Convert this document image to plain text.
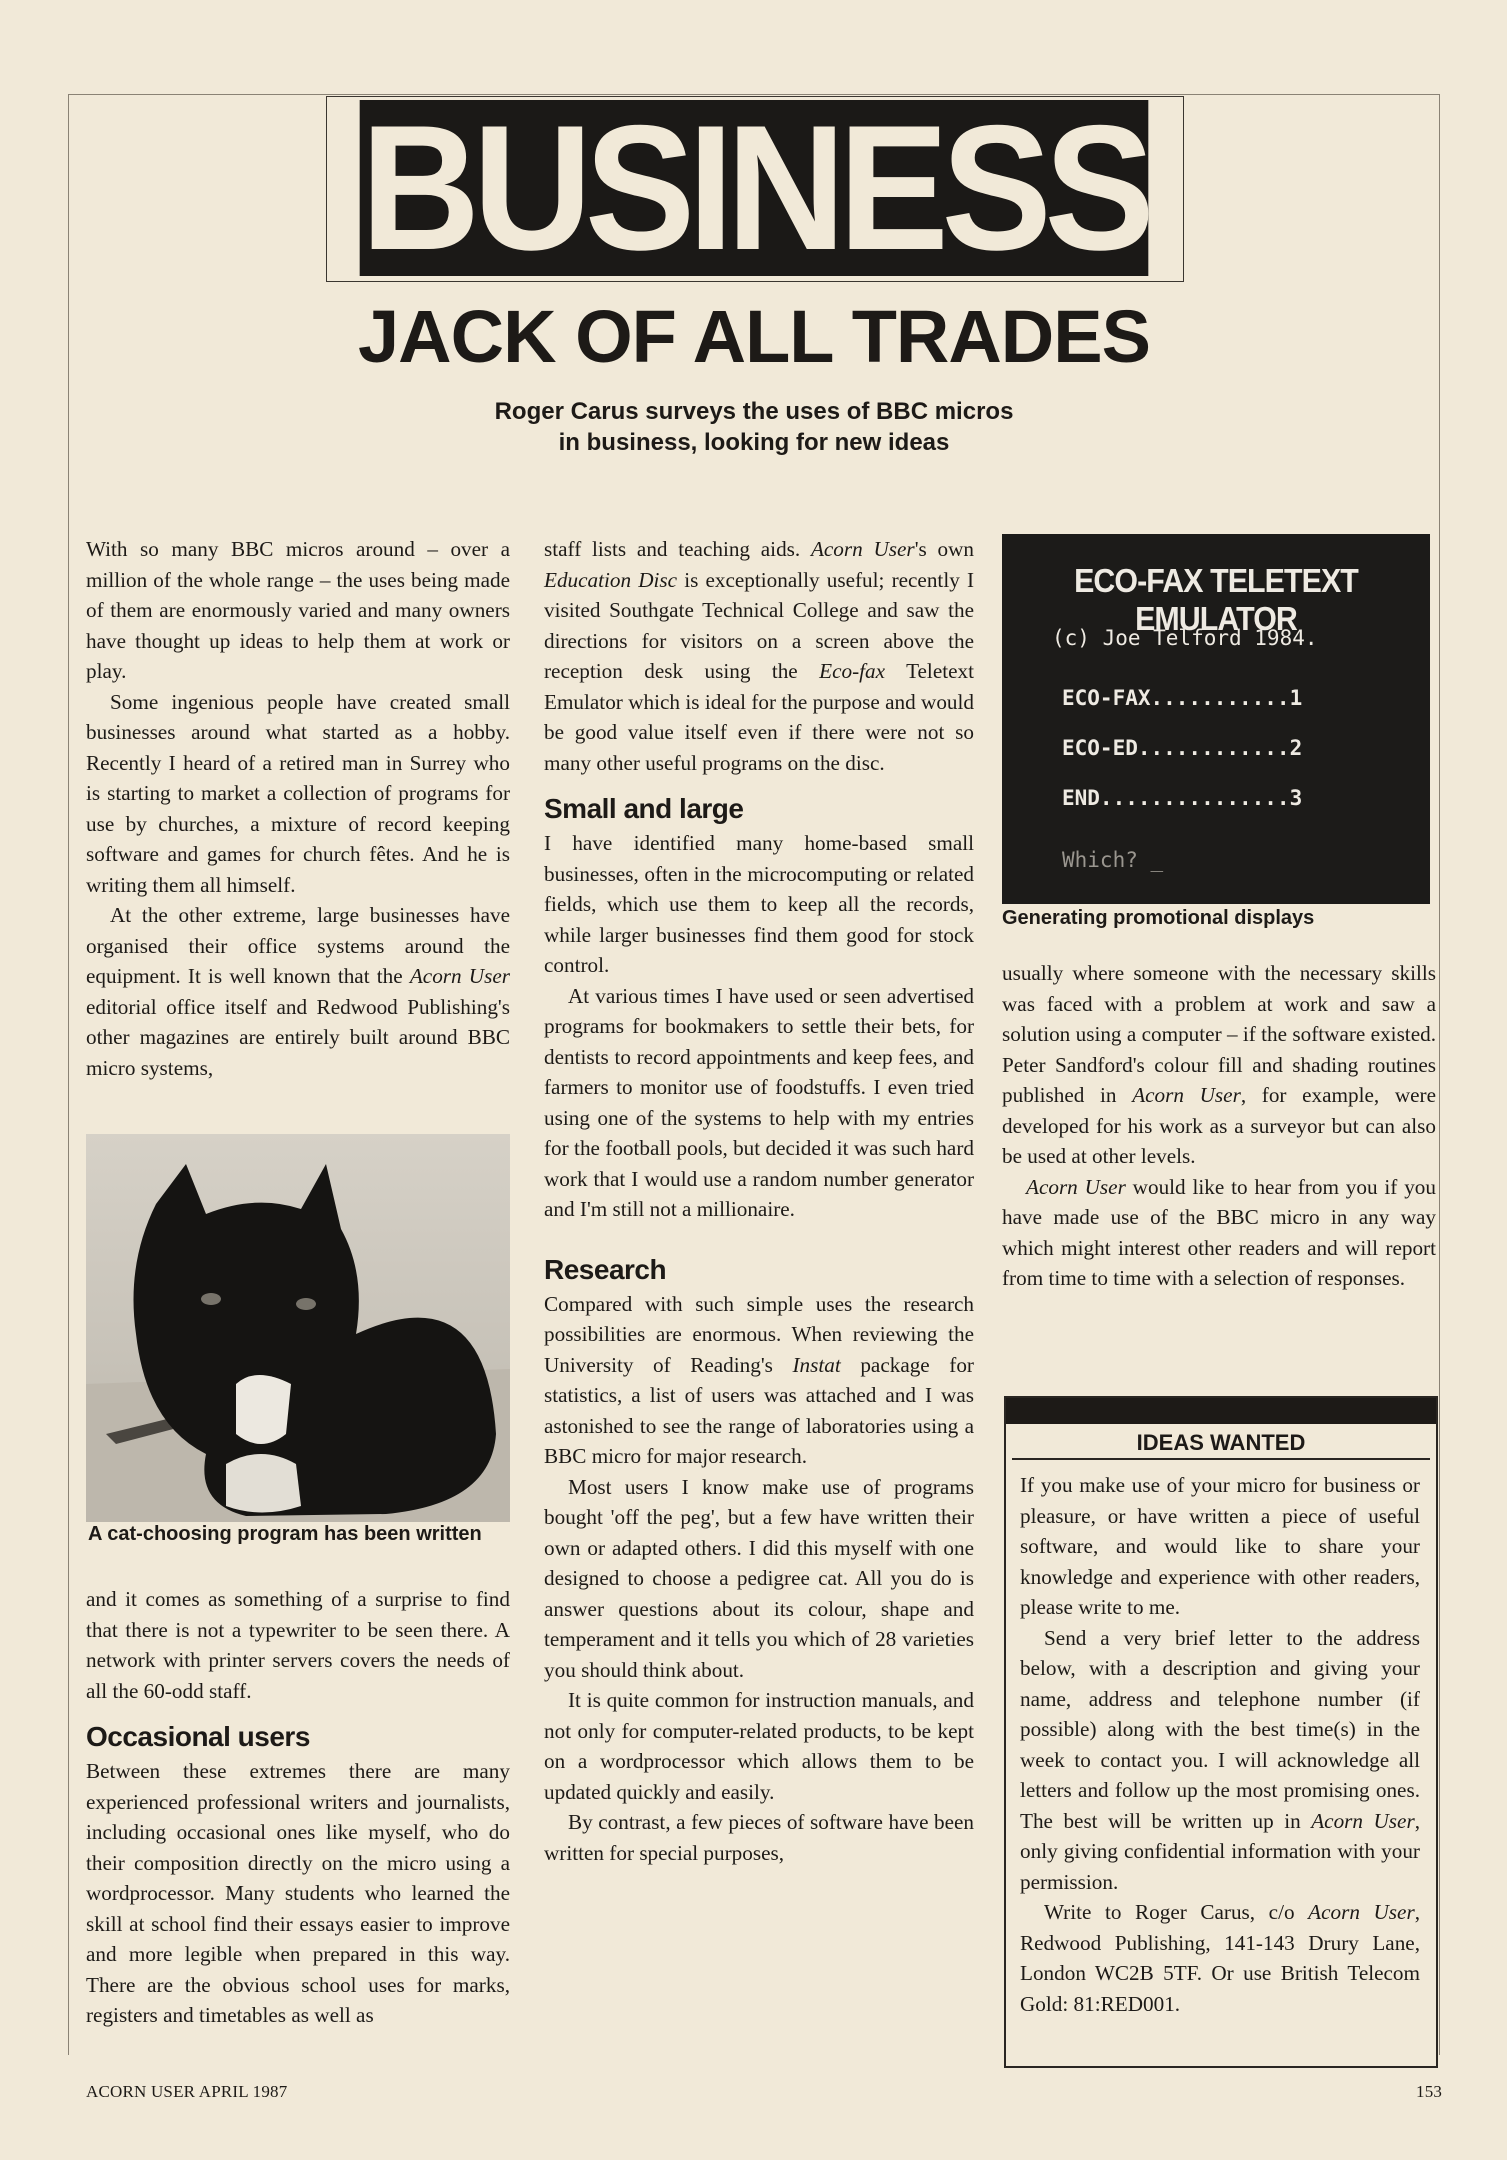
BUSINESS
JACK OF ALL TRADES
Roger Carus surveys the uses of BBC micros
in business, looking for new ideas

With so many BBC micros around – over a million of the whole range – the uses being made of them are enormously varied and many owners have thought up ideas to help them at work or play.

Some ingenious people have created small businesses around what started as a hobby. Recently I heard of a retired man in Surrey who is starting to market a collection of programs for use by churches, a mixture of record keeping software and games for church fêtes. And he is writing them all himself.

At the other extreme, large businesses have organised their office systems around the equipment. It is well known that the Acorn User editorial office itself and Redwood Publishing's other magazines are entirely built around BBC micro systems,

A cat-choosing program has been written

and it comes as something of a surprise to find that there is not a typewriter to be seen there. A network with printer servers covers the needs of all the 60-odd staff.

Occasional users

Between these extremes there are many experienced professional writers and journalists, including occasional ones like myself, who do their composition directly on the micro using a wordprocessor. Many students who learned the skill at school find their essays easier to improve and more legible when prepared in this way. There are the obvious school uses for marks, registers and timetables as well as

staff lists and teaching aids. Acorn User's own Education Disc is exceptionally useful; recently I visited Southgate Technical College and saw the directions for visitors on a screen above the reception desk using the Eco-fax Teletext Emulator which is ideal for the purpose and would be good value itself even if there were not so many other useful programs on the disc.

Small and large

I have identified many home-based small businesses, often in the microcomputing or related fields, which use them to keep all the records, while larger businesses find them good for stock control.

At various times I have used or seen advertised programs for bookmakers to settle their bets, for dentists to record appointments and keep fees, and farmers to monitor use of foodstuffs. I even tried using one of the systems to help with my entries for the football pools, but decided it was such hard work that I would use a random number generator and I'm still not a millionaire.

Research

Compared with such simple uses the research possibilities are enormous. When reviewing the University of Reading's Instat package for statistics, a list of users was attached and I was astonished to see the range of laboratories using a BBC micro for major research.

Most users I know make use of programs bought 'off the peg', but a few have written their own or adapted others. I did this myself with one designed to choose a pedigree cat. All you do is answer questions about its colour, shape and temperament and it tells you which of 28 varieties you should think about.

It is quite common for instruction manuals, and not only for computer-related products, to be kept on a wordprocessor which allows them to be updated quickly and easily.

By contrast, a few pieces of software have been written for special purposes,

ECO-FAX TELETEXT EMULATOR
(c) Joe Telford 1984.
ECO-FAX...........1
ECO-ED............2
END...............3
Which? _
Generating promotional displays

usually where someone with the necessary skills was faced with a problem at work and saw a solution using a computer – if the software existed. Peter Sandford's colour fill and shading routines published in Acorn User, for example, were developed for his work as a surveyor but can also be used at other levels.

Acorn User would like to hear from you if you have made use of the BBC micro in any way which might interest other readers and will report from time to time with a selection of responses.

IDEAS WANTED

If you make use of your micro for business or pleasure, or have written a piece of useful software, and would like to share your knowledge and experience with other readers, please write to me.

Send a very brief letter to the address below, with a description and giving your name, address and telephone number (if possible) along with the best time(s) in the week to contact you. I will acknowledge all letters and follow up the most promising ones. The best will be written up in Acorn User, only giving confidential information with your permission.

Write to Roger Carus, c/o Acorn User, Redwood Publishing, 141-143 Drury Lane, London WC2B 5TF. Or use British Telecom Gold: 81:RED001.

ACORN USER APRIL 1987	153
